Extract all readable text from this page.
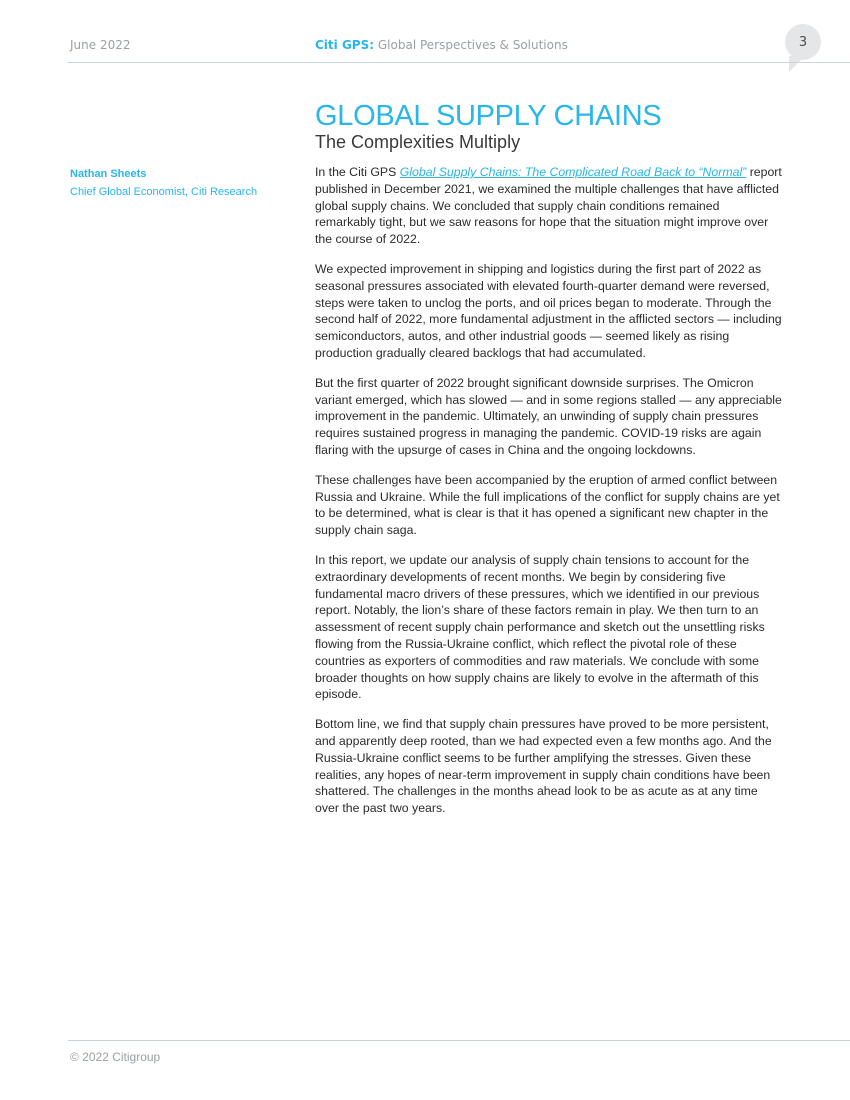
June 2022	Citi GPS: Global Perspectives & Solutions	3
GLOBAL SUPPLY CHAINS
The Complexities Multiply
Nathan Sheets
Chief Global Economist, Citi Research

In the Citi GPS Global Supply Chains: The Complicated Road Back to “Normal” report published in December 2021, we examined the multiple challenges that have afflicted global supply chains. We concluded that supply chain conditions remained remarkably tight, but we saw reasons for hope that the situation might improve over the course of 2022.

We expected improvement in shipping and logistics during the first part of 2022 as seasonal pressures associated with elevated fourth-quarter demand were reversed, steps were taken to unclog the ports, and oil prices began to moderate. Through the second half of 2022, more fundamental adjustment in the afflicted sectors — including semiconductors, autos, and other industrial goods — seemed likely as rising production gradually cleared backlogs that had accumulated.

But the first quarter of 2022 brought significant downside surprises. The Omicron variant emerged, which has slowed — and in some regions stalled — any appreciable improvement in the pandemic. Ultimately, an unwinding of supply chain pressures requires sustained progress in managing the pandemic. COVID-19 risks are again flaring with the upsurge of cases in China and the ongoing lockdowns.

These challenges have been accompanied by the eruption of armed conflict between Russia and Ukraine. While the full implications of the conflict for supply chains are yet to be determined, what is clear is that it has opened a significant new chapter in the supply chain saga.

In this report, we update our analysis of supply chain tensions to account for the extraordinary developments of recent months. We begin by considering five fundamental macro drivers of these pressures, which we identified in our previous report. Notably, the lion’s share of these factors remain in play. We then turn to an assessment of recent supply chain performance and sketch out the unsettling risks flowing from the Russia-Ukraine conflict, which reflect the pivotal role of these countries as exporters of commodities and raw materials. We conclude with some broader thoughts on how supply chains are likely to evolve in the aftermath of this episode.

Bottom line, we find that supply chain pressures have proved to be more persistent, and apparently deep rooted, than we had expected even a few months ago. And the Russia-Ukraine conflict seems to be further amplifying the stresses. Given these realities, any hopes of near-term improvement in supply chain conditions have been shattered. The challenges in the months ahead look to be as acute as at any time over the past two years.

© 2022 Citigroup
